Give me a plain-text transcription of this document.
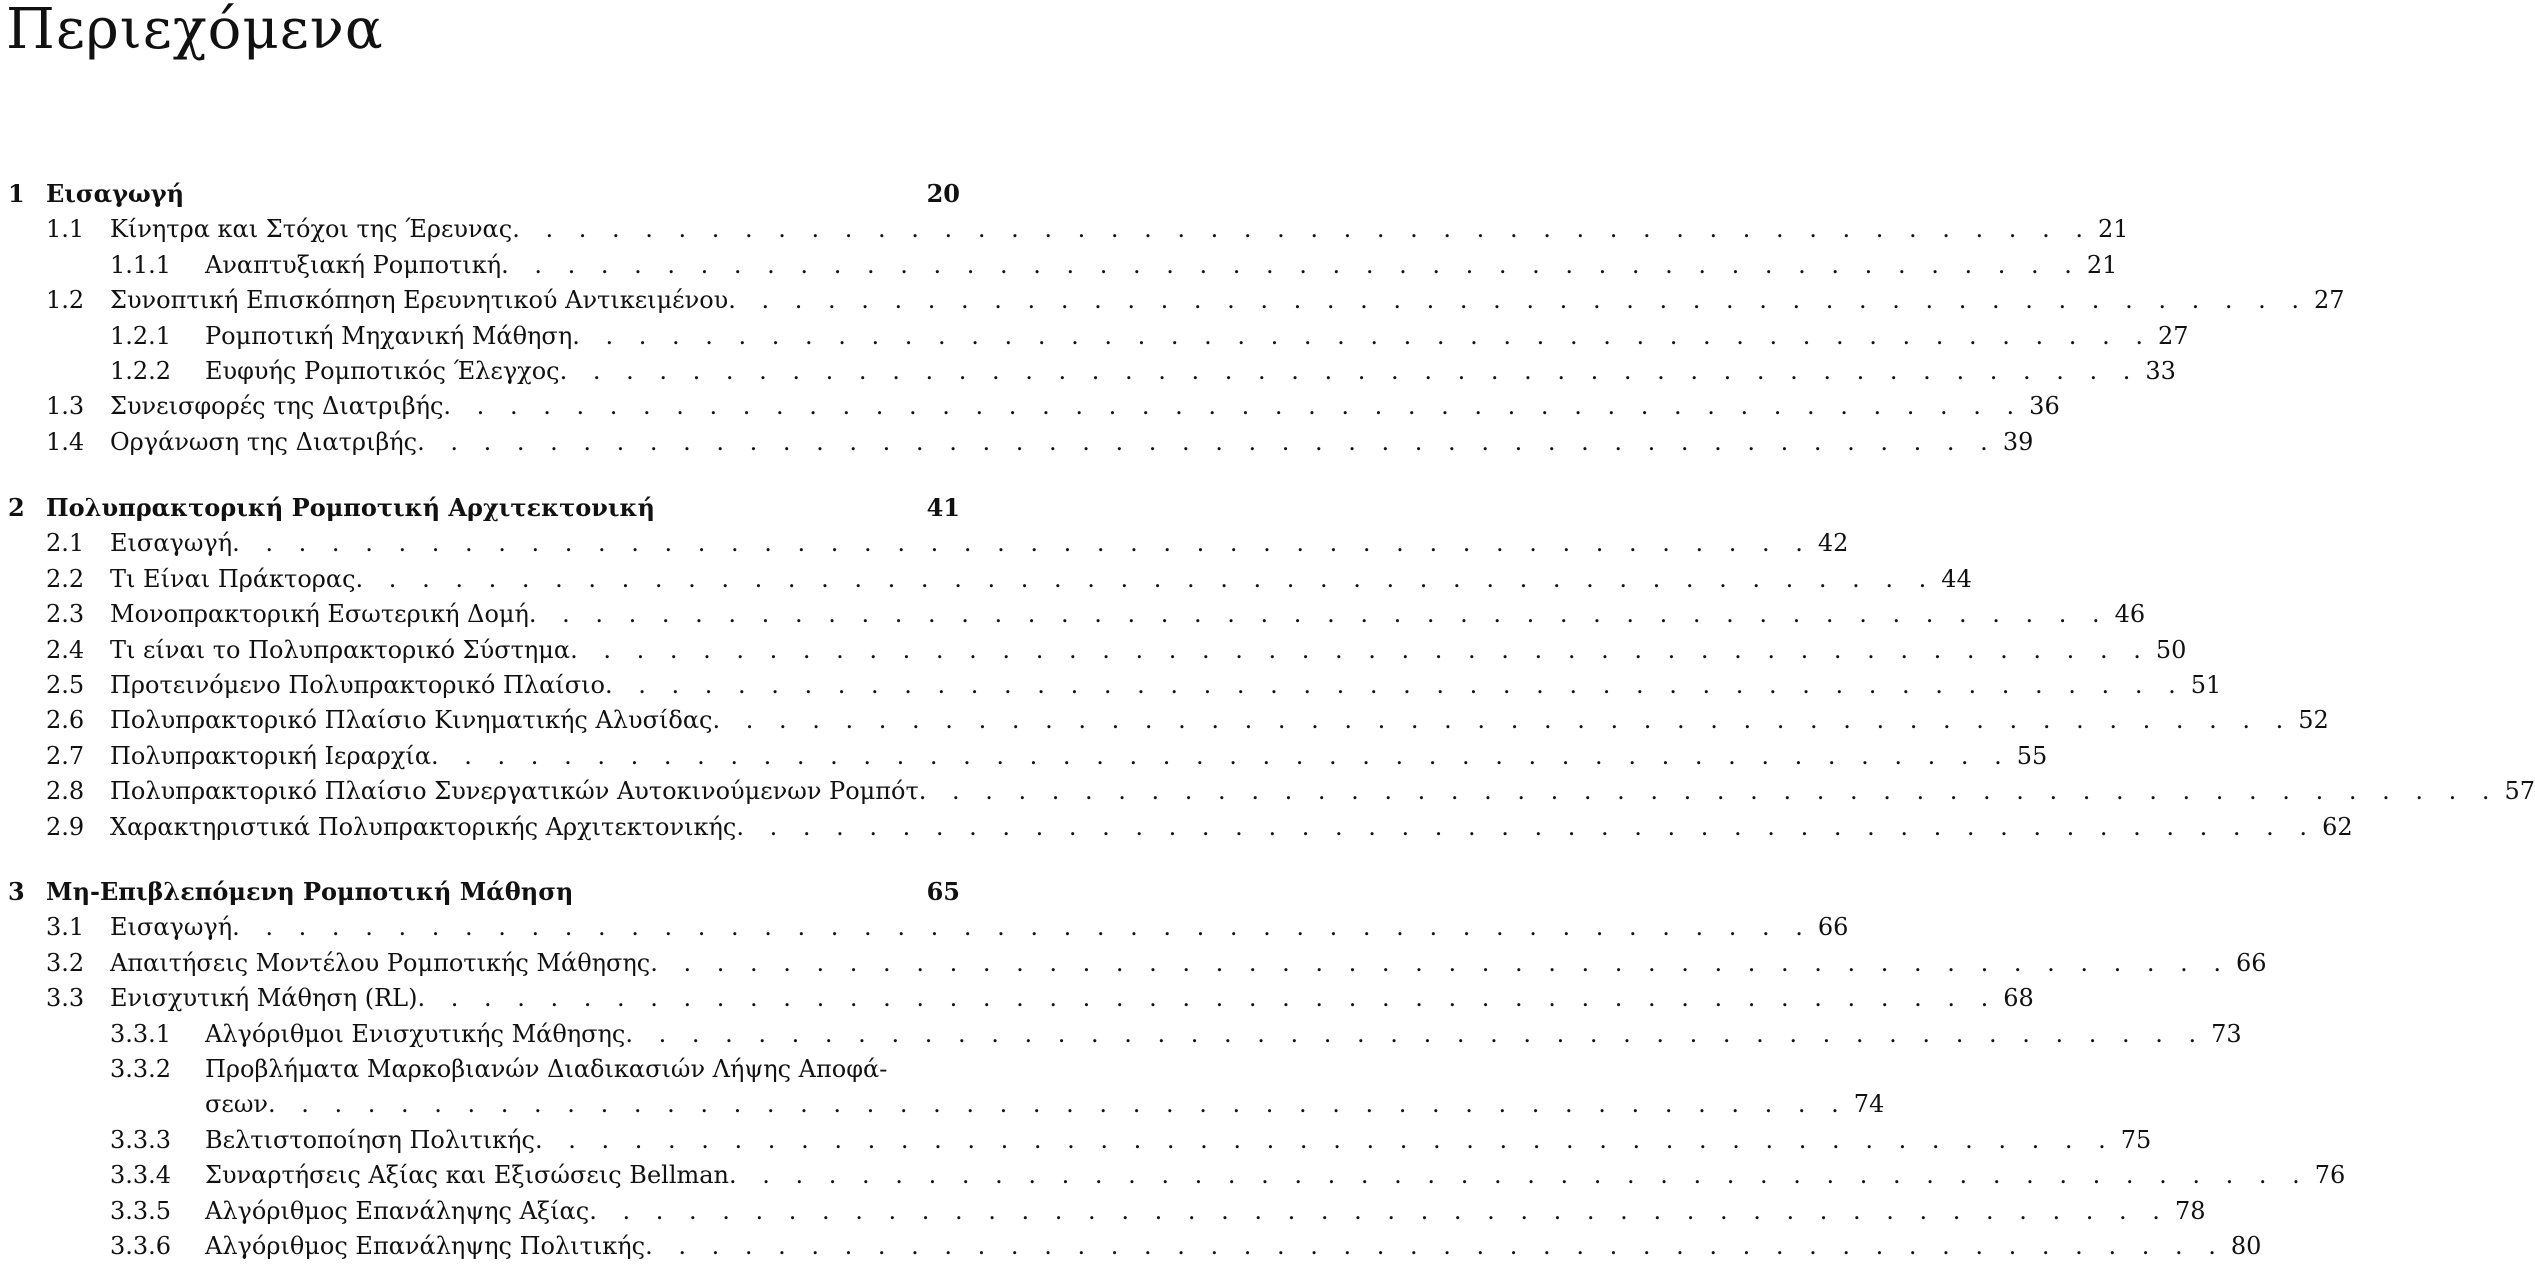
Περιεχόμενα
1 Εισαγωγή	20
1.1 Κίνητρα και Στόχοι της Έρευνας . . . . . . . . . . . . . . . . . . . . . . . . . . . . . . . . . . . . . . . . . . . . . . . . 21
1.1.1 Αναπτυξιακή Ρομποτική . . . . . . . . . . . . . . . . . . . . . . . . . . . . . . . . . . . . . . . . . . . . . . . . 21
1.2 Συνοπτική Επισκόπηση Ερευνητικού Αντικειμένου . . . . . . . . . . . . . . . . . . . . . . . . . . . . . . . . . . . . . . . . . . . . . . . . 27
1.2.1 Ρομποτική Μηχανική Μάθηση . . . . . . . . . . . . . . . . . . . . . . . . . . . . . . . . . . . . . . . . . . . . . . . . 27
1.2.2 Ευφυής Ρομποτικός Έλεγχος . . . . . . . . . . . . . . . . . . . . . . . . . . . . . . . . . . . . . . . . . . . . . . . . 33
1.3 Συνεισφορές της Διατριβής . . . . . . . . . . . . . . . . . . . . . . . . . . . . . . . . . . . . . . . . . . . . . . . . 36
1.4 Οργάνωση της Διατριβής . . . . . . . . . . . . . . . . . . . . . . . . . . . . . . . . . . . . . . . . . . . . . . . . 39
2 Πολυπρακτορική Ρομποτική Αρχιτεκτονική	41
2.1 Εισαγωγή . . . . . . . . . . . . . . . . . . . . . . . . . . . . . . . . . . . . . . . . . . . . . . . . 42
2.2 Τι Είναι Πράκτορας . . . . . . . . . . . . . . . . . . . . . . . . . . . . . . . . . . . . . . . . . . . . . . . . 44
2.3 Μονοπρακτορική Εσωτερική Δομή . . . . . . . . . . . . . . . . . . . . . . . . . . . . . . . . . . . . . . . . . . . . . . . . 46
2.4 Τι είναι το Πολυπρακτορικό Σύστημα . . . . . . . . . . . . . . . . . . . . . . . . . . . . . . . . . . . . . . . . . . . . . . . . 50
2.5 Προτεινόμενο Πολυπρακτορικό Πλαίσιο . . . . . . . . . . . . . . . . . . . . . . . . . . . . . . . . . . . . . . . . . . . . . . . . 51
2.6 Πολυπρακτορικό Πλαίσιο Κινηματικής Αλυσίδας . . . . . . . . . . . . . . . . . . . . . . . . . . . . . . . . . . . . . . . . . . . . . . . . 52
2.7 Πολυπρακτορική Ιεραρχία . . . . . . . . . . . . . . . . . . . . . . . . . . . . . . . . . . . . . . . . . . . . . . . . 55
2.8 Πολυπρακτορικό Πλαίσιο Συνεργατικών Αυτοκινούμενων Ρομπότ . . . . . . . . . . . . . . . . . . . . . . . . . . . . . . . . . . . . . . . . . . . . . . . . 57
2.9 Χαρακτηριστικά Πολυπρακτορικής Αρχιτεκτονικής . . . . . . . . . . . . . . . . . . . . . . . . . . . . . . . . . . . . . . . . . . . . . . . . 62
3 Μη-Επιβλεπόμενη Ρομποτική Μάθηση	65
3.1 Εισαγωγή . . . . . . . . . . . . . . . . . . . . . . . . . . . . . . . . . . . . . . . . . . . . . . . . 66
3.2 Απαιτήσεις Μοντέλου Ρομποτικής Μάθησης . . . . . . . . . . . . . . . . . . . . . . . . . . . . . . . . . . . . . . . . . . . . . . . . 66
3.3 Ενισχυτική Μάθηση (RL) . . . . . . . . . . . . . . . . . . . . . . . . . . . . . . . . . . . . . . . . . . . . . . . . 68
3.3.1 Αλγόριθμοι Ενισχυτικής Μάθησης . . . . . . . . . . . . . . . . . . . . . . . . . . . . . . . . . . . . . . . . . . . . . . . . 73
3.3.2 Προβλήματα Μαρκοβιανών Διαδικασιών Λήψης Αποφά-
σεων . . . . . . . . . . . . . . . . . . . . . . . . . . . . . . . . . . . . . . . . . . . . . . . . 74
3.3.3 Βελτιστοποίηση Πολιτικής . . . . . . . . . . . . . . . . . . . . . . . . . . . . . . . . . . . . . . . . . . . . . . . . 75
3.3.4 Συναρτήσεις Αξίας και Εξισώσεις Bellman . . . . . . . . . . . . . . . . . . . . . . . . . . . . . . . . . . . . . . . . . . . . . . . . 76
3.3.5 Αλγόριθμος Επανάληψης Αξίας . . . . . . . . . . . . . . . . . . . . . . . . . . . . . . . . . . . . . . . . . . . . . . . . 78
3.3.6 Αλγόριθμος Επανάληψης Πολιτικής . . . . . . . . . . . . . . . . . . . . . . . . . . . . . . . . . . . . . . . . . . . . . . . . 80
